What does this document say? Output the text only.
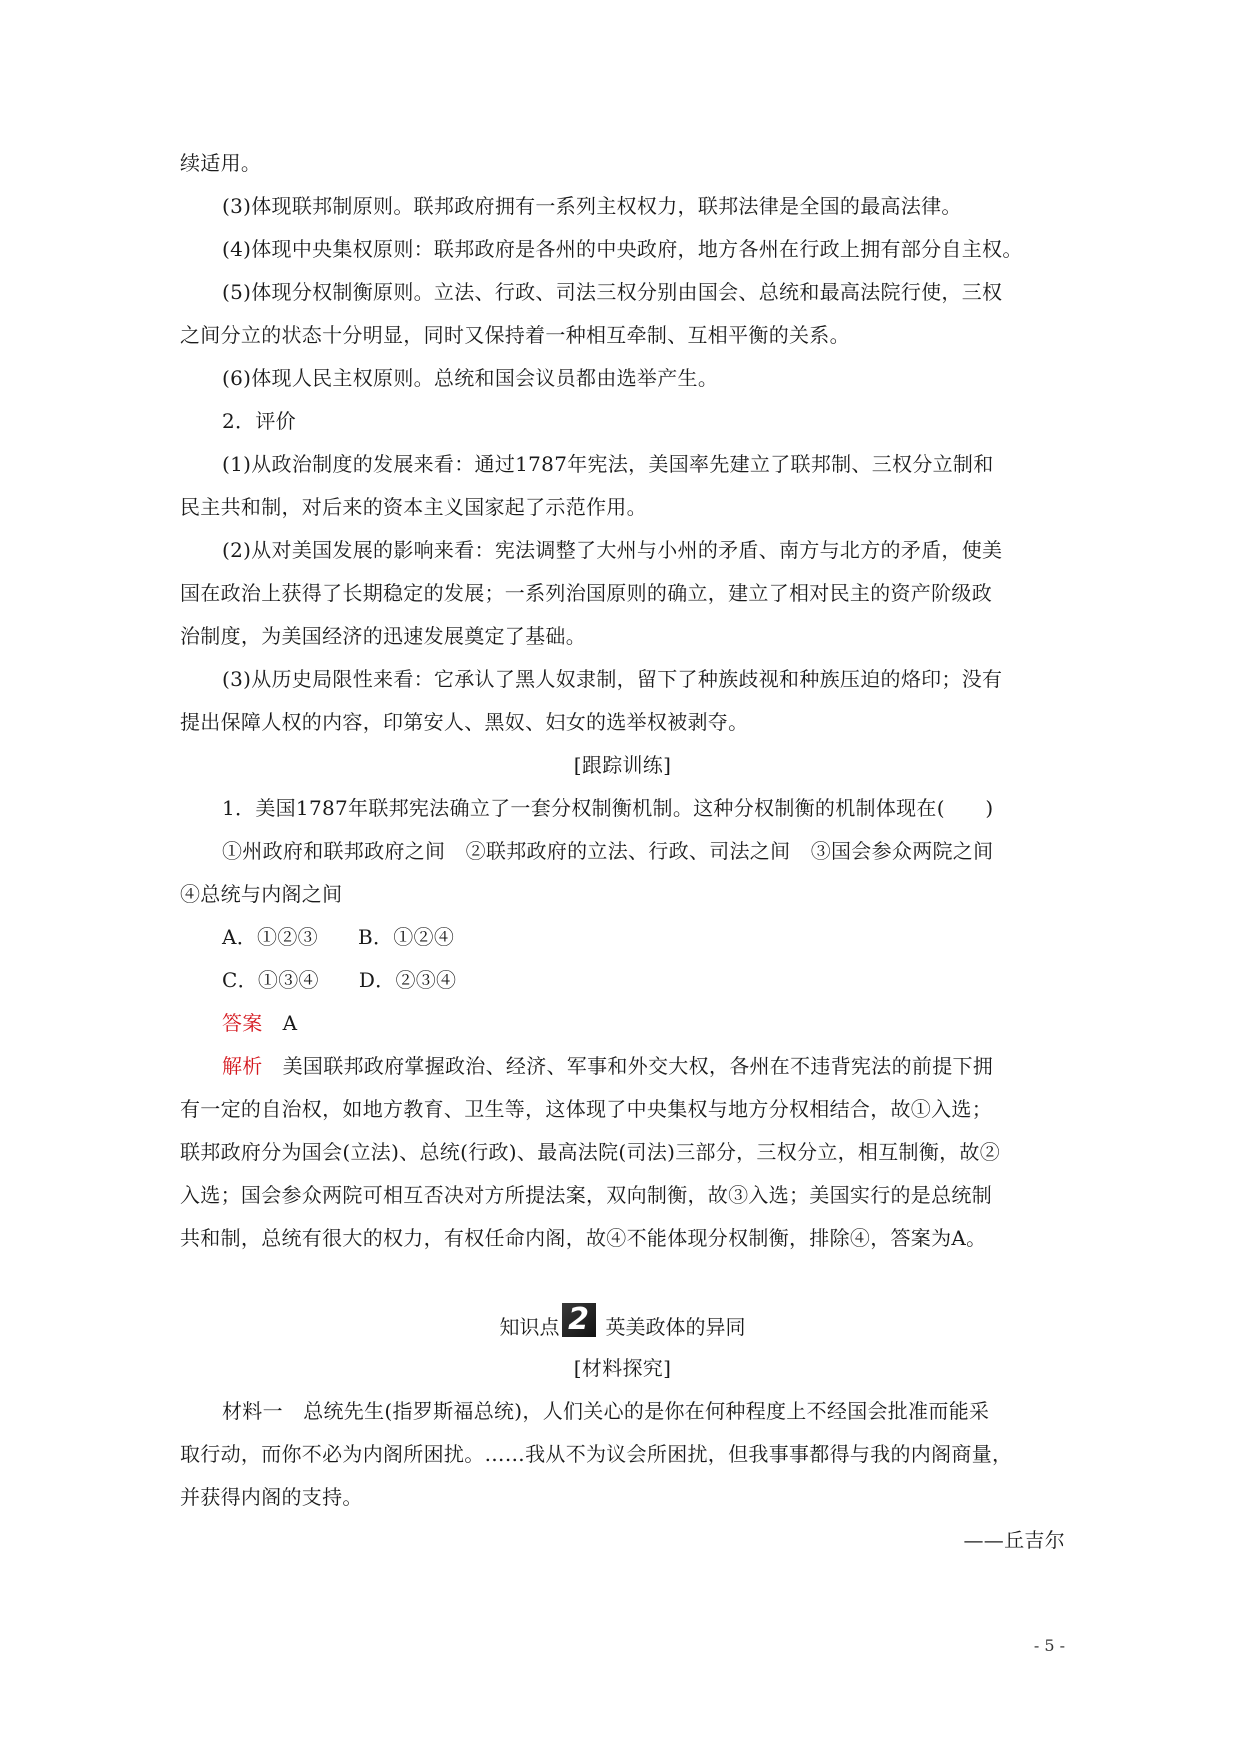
续适用。
(3)体现联邦制原则。联邦政府拥有一系列主权权力，联邦法律是全国的最高法律。
(4)体现中央集权原则：联邦政府是各州的中央政府，地方各州在行政上拥有部分自主权。
(5)体现分权制衡原则。立法、行政、司法三权分别由国会、总统和最高法院行使，三权
之间分立的状态十分明显，同时又保持着一种相互牵制、互相平衡的关系。
(6)体现人民主权原则。总统和国会议员都由选举产生。
2．评价
(1)从政治制度的发展来看：通过1787年宪法，美国率先建立了联邦制、三权分立制和
民主共和制，对后来的资本主义国家起了示范作用。
(2)从对美国发展的影响来看：宪法调整了大州与小州的矛盾、南方与北方的矛盾，使美
国在政治上获得了长期稳定的发展；一系列治国原则的确立，建立了相对民主的资产阶级政
治制度，为美国经济的迅速发展奠定了基础。
(3)从历史局限性来看：它承认了黑人奴隶制，留下了种族歧视和种族压迫的烙印；没有
提出保障人权的内容，印第安人、黑奴、妇女的选举权被剥夺。
[跟踪训练]
1．美国1787年联邦宪法确立了一套分权制衡机制。这种分权制衡的机制体现在(　　)
①州政府和联邦政府之间　②联邦政府的立法、行政、司法之间　③国会参众两院之间
④总统与内阁之间
A．①②③ B．①②④
C．①③④ D．②③④
答案 A
解析 美国联邦政府掌握政治、经济、军事和外交大权，各州在不违背宪法的前提下拥
有一定的自治权，如地方教育、卫生等，这体现了中央集权与地方分权相结合，故①入选；
联邦政府分为国会(立法)、总统(行政)、最高法院(司法)三部分，三权分立，相互制衡，故②
入选；国会参众两院可相互否决对方所提法案，双向制衡，故③入选；美国实行的是总统制
共和制，总统有很大的权力，有权任命内阁，故④不能体现分权制衡，排除④，答案为A。
知识点 2 英美政体的异同
[材料探究]
材料一　总统先生(指罗斯福总统)，人们关心的是你在何种程度上不经国会批准而能采
取行动，而你不必为内阁所困扰。……我从不为议会所困扰，但我事事都得与我的内阁商量，
并获得内阁的支持。
——丘吉尔
- 5 -
